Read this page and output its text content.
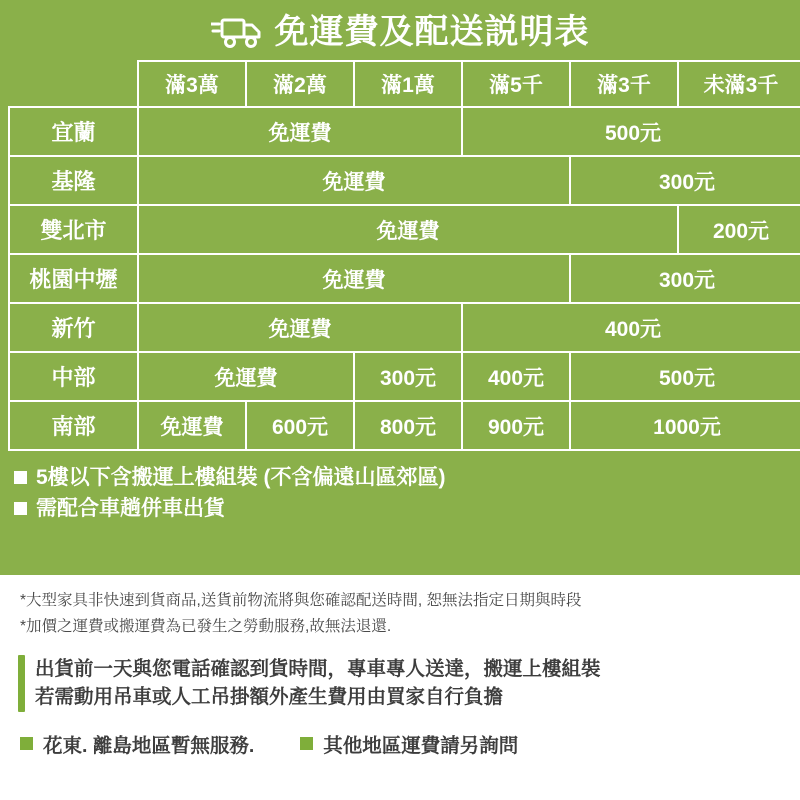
免運費及配送説明表
	滿3萬	滿2萬	滿1萬	滿5千	滿3千	未滿3千
宜蘭	免運費			500元		
基隆	免運費				300元	
雙北市	免運費					200元
桃園中壢	免運費				300元	
新竹	免運費			400元		
中部	免運費		300元	400元	500元	
南部	免運費	600元	800元	900元	1000元	
5樓以下含搬運上樓組裝 (不含偏遠山區郊區)
需配合車趟併車出貨

*大型家具非快速到貨商品,送貨前物流將與您確認配送時間, 恕無法指定日期與時段

*加價之運費或搬運費為已發生之勞動服務,故無法退還.

出貨前一天與您電話確認到貨時間，專車專人送達，搬運上樓組裝
若需動用吊車或人工吊掛額外產生費用由買家自行負擔
花東. 離島地區暫無服務.	其他地區運費請另詢問
